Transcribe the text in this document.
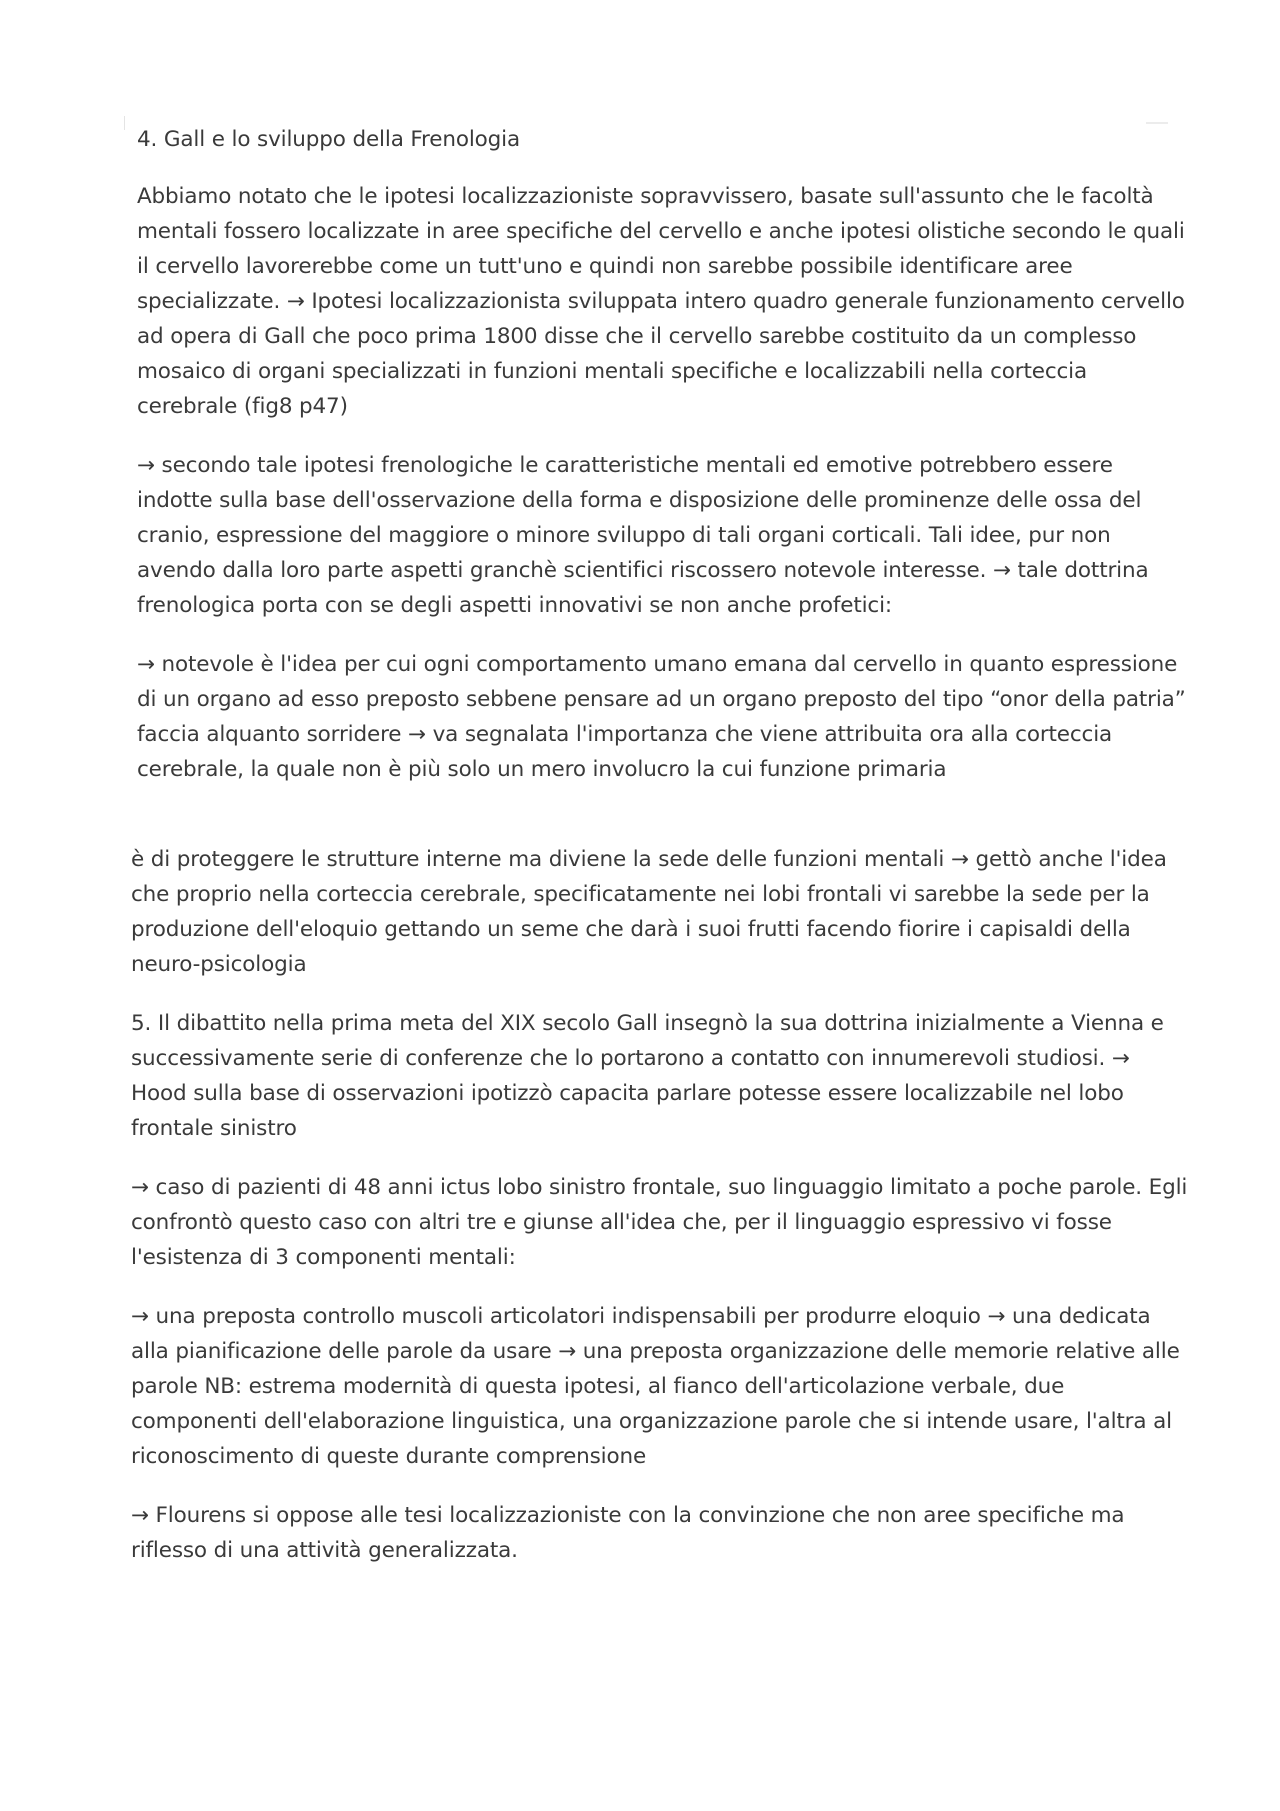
4. Gall e lo sviluppo della Frenologia

Abbiamo notato che le ipotesi localizzazioniste sopravvissero, basate sull'assunto che le facoltà mentali fossero localizzate in aree specifiche del cervello e anche ipotesi olistiche secondo le quali il cervello lavorerebbe come un tutt'uno e quindi non sarebbe possibile identificare aree specializzate. → Ipotesi localizzazionista sviluppata intero quadro generale funzionamento cervello ad opera di Gall che poco prima 1800 disse che il cervello sarebbe costituito da un complesso mosaico di organi specializzati in funzioni mentali specifiche e localizzabili nella corteccia cerebrale (fig8 p47)

→ secondo tale ipotesi frenologiche le caratteristiche mentali ed emotive potrebbero essere indotte sulla base dell'osservazione della forma e disposizione delle prominenze delle ossa del cranio, espressione del maggiore o minore sviluppo di tali organi corticali. Tali idee, pur non avendo dalla loro parte aspetti granchè scientifici riscossero notevole interesse. → tale dottrina frenologica porta con se degli aspetti innovativi se non anche profetici:

→ notevole è l'idea per cui ogni comportamento umano emana dal cervello in quanto espressione di un organo ad esso preposto sebbene pensare ad un organo preposto del tipo “onor della patria” faccia alquanto sorridere → va segnalata l'importanza che viene attribuita ora alla corteccia cerebrale, la quale non è più solo un mero involucro la cui funzione primaria

è di proteggere le strutture interne ma diviene la sede delle funzioni mentali → gettò anche l'idea che proprio nella corteccia cerebrale, specificatamente nei lobi frontali vi sarebbe la sede per la produzione dell'eloquio gettando un seme che darà i suoi frutti facendo fiorire i capisaldi della neuro-psicologia

5. Il dibattito nella prima meta del XIX secolo Gall insegnò la sua dottrina inizialmente a Vienna e successivamente serie di conferenze che lo portarono a contatto con innumerevoli studiosi. → Hood sulla base di osservazioni ipotizzò capacita parlare potesse essere localizzabile nel lobo frontale sinistro

→ caso di pazienti di 48 anni ictus lobo sinistro frontale, suo linguaggio limitato a poche parole. Egli confrontò questo caso con altri tre e giunse all'idea che, per il linguaggio espressivo vi fosse l'esistenza di 3 componenti mentali:

→ una preposta controllo muscoli articolatori indispensabili per produrre eloquio → una dedicata alla pianificazione delle parole da usare → una preposta organizzazione delle memorie relative alle parole NB: estrema modernità di questa ipotesi, al fianco dell'articolazione verbale, due componenti dell'elaborazione linguistica, una organizzazione parole che si intende usare, l'altra al riconoscimento di queste durante comprensione

→ Flourens si oppose alle tesi localizzazioniste con la convinzione che non aree specifiche ma riflesso di una attività generalizzata.
